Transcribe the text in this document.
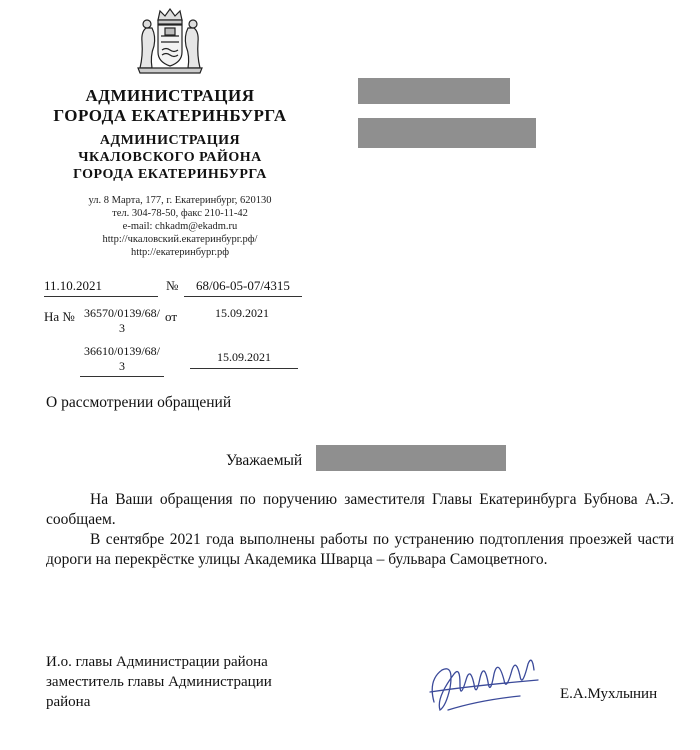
АДМИНИСТРАЦИЯ
ГОРОДА ЕКАТЕРИНБУРГА
АДМИНИСТРАЦИЯ
ЧКАЛОВСКОГО РАЙОНА
ГОРОДА ЕКАТЕРИНБУРГА
ул. 8 Марта, 177, г. Екатеринбург, 620130
тел. 304-78-50, факс 210-11-42
e-mail: chkadm@ekadm.ru
http://чкаловский.екатеринбург.рф/
http://екатеринбург.рф
11.10.2021	№	68/06-05-07/4315
На № 36570/0139/68/
3
от	15.09.2021
36610/0139/68/
3
15.09.2021
О рассмотрении обращений
Уважаемый
На Ваши обращения по поручению заместителя Главы Екатеринбурга Бубнова А.Э. сообщаем.
В сентябре 2021 года выполнены работы по устранению подтопления проезжей части дороги на перекрёстке улицы Академика Шварца – бульвара Самоцветного.
И.о. главы Администрации района
заместитель главы Администрации
района	Е.А.Мухлынин
